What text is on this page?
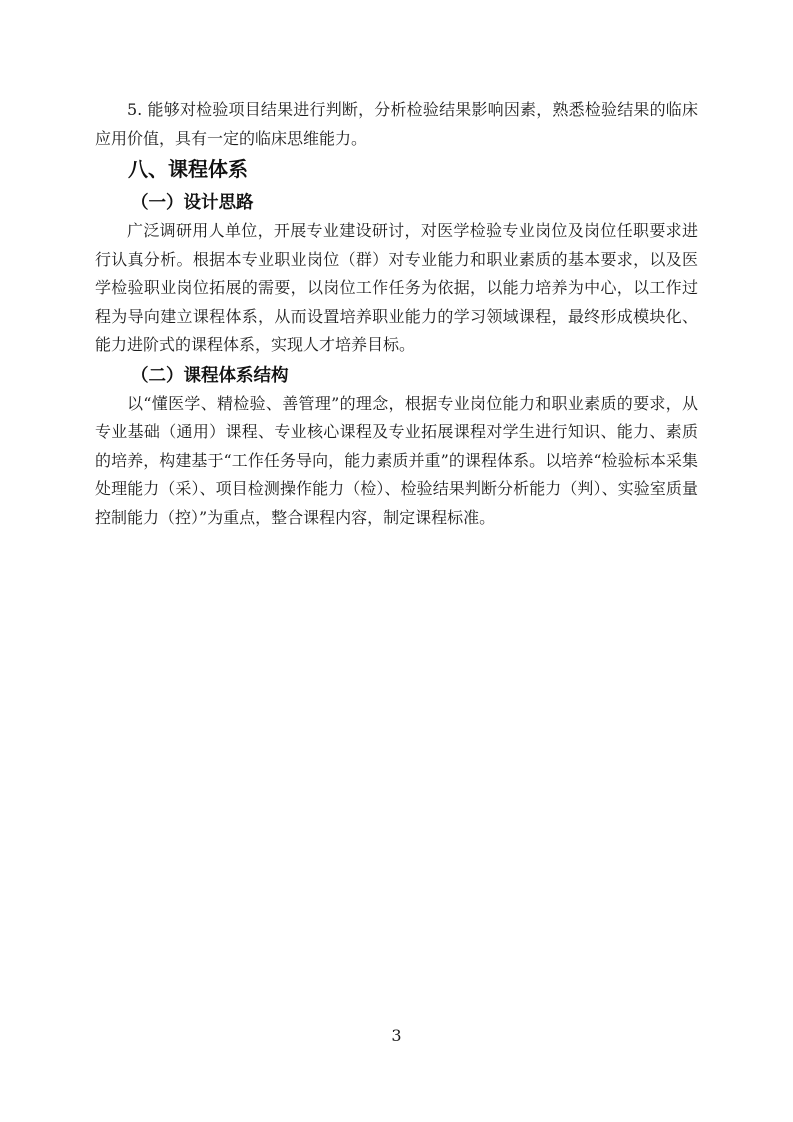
5. 能够对检验项目结果进行判断，分析检验结果影响因素，熟悉检验结果的临床应用价值，具有一定的临床思维能力。

八、课程体系
（一）设计思路

广泛调研用人单位，开展专业建设研讨，对医学检验专业岗位及岗位任职要求进行认真分析。根据本专业职业岗位（群）对专业能力和职业素质的基本要求，以及医学检验职业岗位拓展的需要，以岗位工作任务为依据，以能力培养为中心，以工作过程为导向建立课程体系，从而设置培养职业能力的学习领域课程，最终形成模块化、能力进阶式的课程体系，实现人才培养目标。

（二）课程体系结构

以“懂医学、精检验、善管理”的理念，根据专业岗位能力和职业素质的要求，从专业基础（通用）课程、专业核心课程及专业拓展课程对学生进行知识、能力、素质的培养，构建基于“工作任务导向，能力素质并重”的课程体系。以培养“检验标本采集处理能力（采）、项目检测操作能力（检）、检验结果判断分析能力（判）、实验室质量控制能力（控）”为重点，整合课程内容，制定课程标准。

3
